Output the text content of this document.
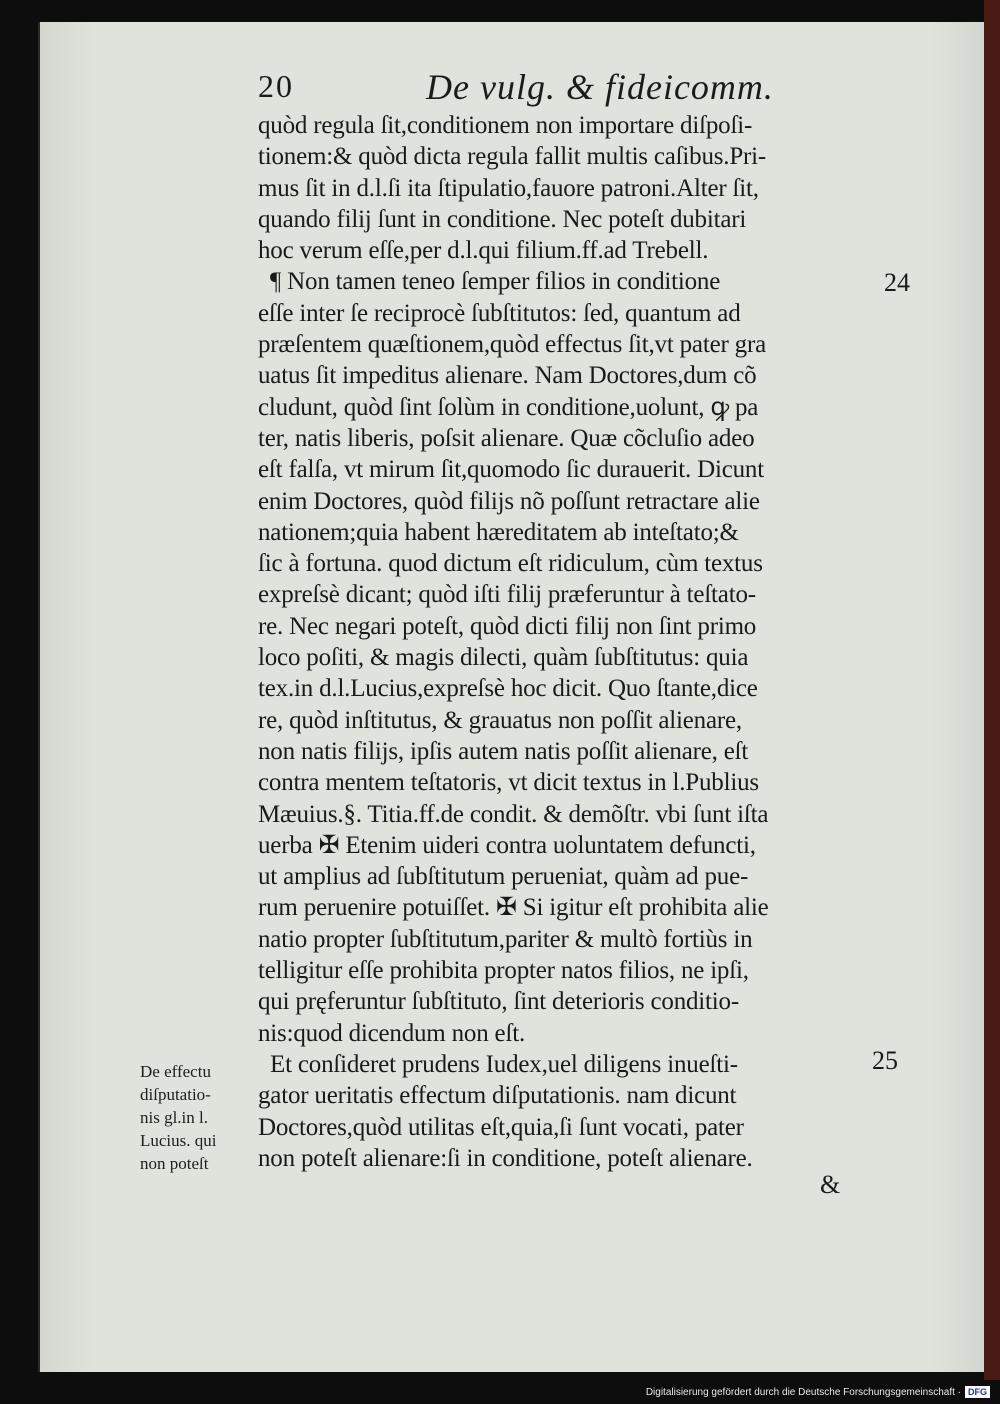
20	De vulg. & fideicomm.
quòd regula ſit,conditionem non importare diſpoſi-
tionem:& quòd dicta regula fallit multis caſibus.Pri-
mus ſit in d.l.ſi ita ſtipulatio,fauore patroni.Alter ſit,
quando filij ſunt in conditione. Nec poteſt dubitari
hoc verum eſſe,per d.l.qui filium.ff.ad Trebell.
¶ Non tamen teneo ſemper filios in conditione
eſſe inter ſe reciprocè ſubſtitutos: ſed, quantum ad
præſentem quæſtionem,quòd effectus ſit,vt pater gra
uatus ſit impeditus alienare. Nam Doctores,dum cõ
cludunt, quòd ſint ſolùm in conditione,uolunt, ꝙ pa
ter, natis liberis, poſsit alienare. Quæ cõcluſio adeo
eſt falſa, vt mirum ſit,quomodo ſic durauerit. Dicunt
enim Doctores, quòd filijs nõ poſſunt retractare alie
nationem;quia habent hæreditatem ab inteſtato;&
ſic à fortuna. quod dictum eſt ridiculum, cùm textus
expreſsè dicant; quòd iſti filij præferuntur à teſtato-
re. Nec negari poteſt, quòd dicti filij non ſint primo
loco poſiti, & magis dilecti, quàm ſubſtitutus: quia
tex.in d.l.Lucius,expreſsè hoc dicit. Quo ſtante,dice
re, quòd inſtitutus, & grauatus non poſſit alienare,
non natis filijs, ipſis autem natis poſſit alienare, eſt
contra mentem teſtatoris, vt dicit textus in l.Publius
Mæuius.§. Titia.ff.de condit. & demõſtr. vbi ſunt iſta
uerba ✠ Etenim uideri contra uoluntatem defuncti,
ut amplius ad ſubſtitutum perueniat, quàm ad pue-
rum peruenire potuiſſet. ✠ Si igitur eſt prohibita alie
natio propter ſubſtitutum,pariter & multò fortiùs in
telligitur eſſe prohibita propter natos filios, ne ipſi,
qui pręferuntur ſubſtituto, ſint deterioris conditio-
nis:quod dicendum non eſt.
Et conſideret prudens Iudex,uel diligens inueſti-
gator ueritatis effectum diſputationis. nam dicunt
Doctores,quòd utilitas eſt,quia,ſi ſunt vocati, pater
non poteſt alienare:ſi in conditione, poteſt alienare.
24
25
De effectu
diſputatio-
nis gl.in l.
Lucius. qui
non poteſt
&
Digitalisierung gefördert durch die Deutsche Forschungsgemeinschaft · DFG
